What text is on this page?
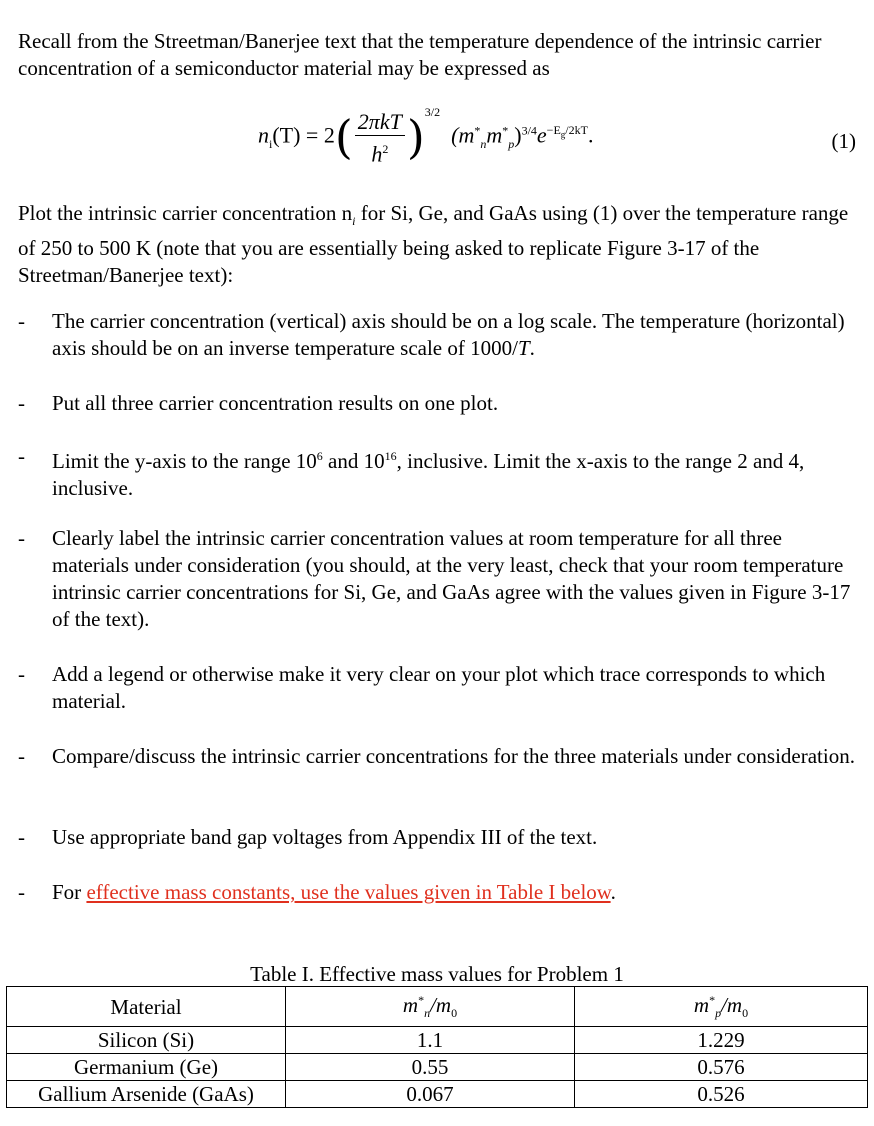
Recall from the Streetman/Banerjee text that the temperature dependence of the intrinsic carrier concentration of a semiconductor material may be expressed as

$n_i(T) = 2( \frac{\text{2πkT}}{h^2} )^{3/2}$  $(m^*_nm^*_p)^{3/4}e^{-E_g/2kT}$.	(1)

Plot the intrinsic carrier concentration $n_i$ for Si, Ge, and GaAs using (1) over the temperature range of 250 to 500 K (note that you are essentially being asked to replicate Figure 3-17 of the Streetman/Banerjee text):

- The carrier concentration (vertical) axis should be on a log scale. The temperature (horizontal) axis should be on an inverse temperature scale of 1000/T.
- Put all three carrier concentration results on one plot.
- Limit the y-axis to the range $10^6$ and $10^{16}$, inclusive. Limit the x-axis to the range 2 and 4, inclusive.
- Clearly label the intrinsic carrier concentration values at room temperature for all three materials under consideration (you should, at the very least, check that your room temperature intrinsic carrier concentrations for Si, Ge, and GaAs agree with the values given in Figure 3-17 of the text).
- Add a legend or otherwise make it very clear on your plot which trace corresponds to which material.
- Compare/discuss the intrinsic carrier concentrations for the three materials under consideration.
- Use appropriate band gap voltages from Appendix III of the text.
- For effective mass constants, use the values given in Table I below.
Table I. Effective mass values for Problem 1
Material	$m^*_n/m_0$	$m^*_p/m_0$
Silicon (Si)	1.1	1.229
Germanium (Ge)	0.55	0.576
Gallium Arsenide (GaAs)	0.067	0.526
